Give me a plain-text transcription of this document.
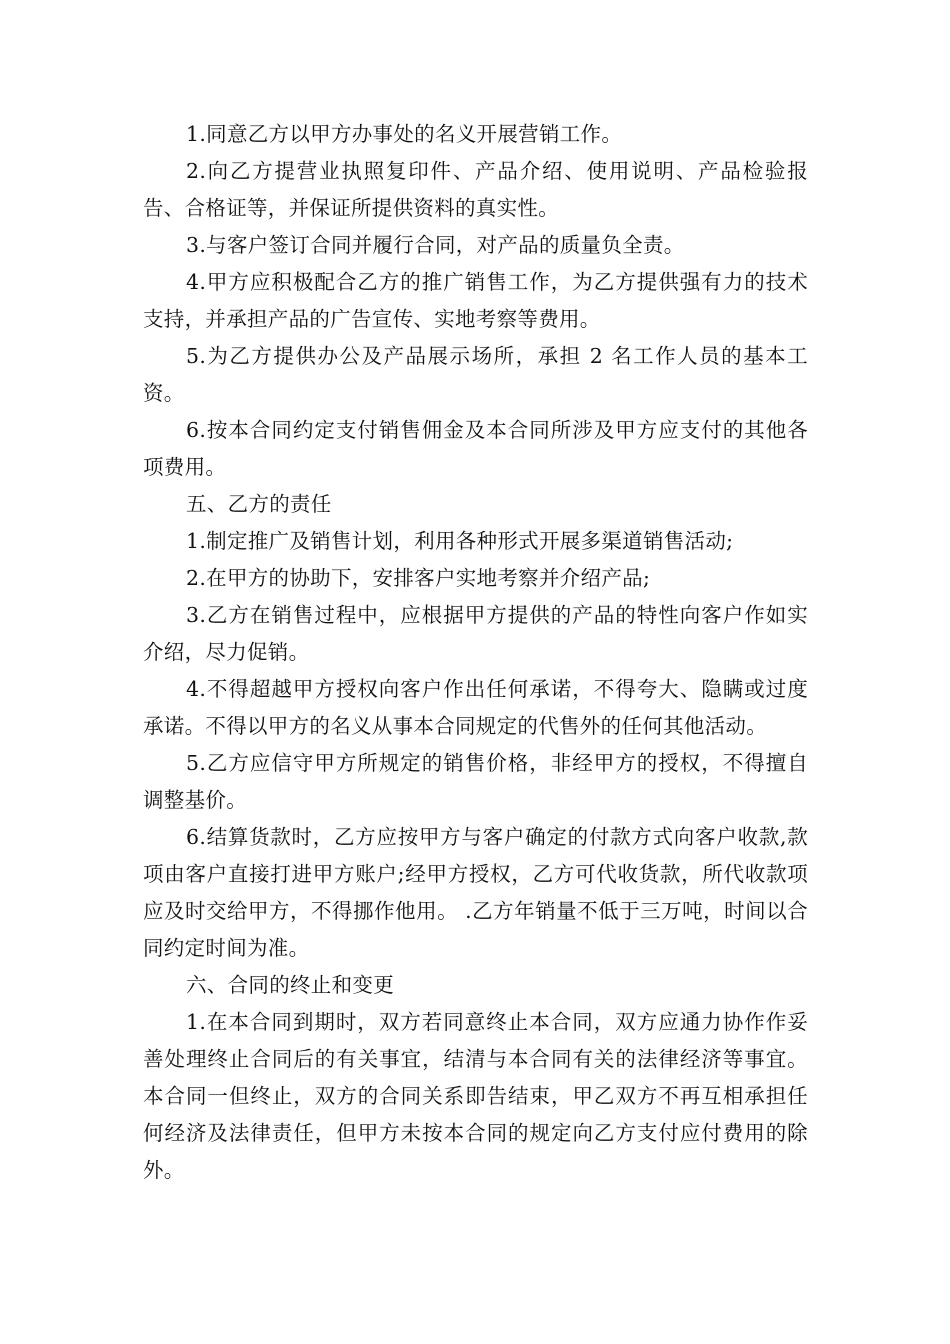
1.同意乙方以甲方办事处的名义开展营销工作。

2.向乙方提营业执照复印件、产品介绍、使用说明、产品检验报告、合格证等，并保证所提供资料的真实性。

3.与客户签订合同并履行合同，对产品的质量负全责。

4.甲方应积极配合乙方的推广销售工作，为乙方提供强有力的技术支持，并承担产品的广告宣传、实地考察等费用。

5.为乙方提供办公及产品展示场所，承担 2 名工作人员的基本工资。

6.按本合同约定支付销售佣金及本合同所涉及甲方应支付的其他各项费用。

五、乙方的责任

1.制定推广及销售计划，利用各种形式开展多渠道销售活动;

2.在甲方的协助下，安排客户实地考察并介绍产品;

3.乙方在销售过程中，应根据甲方提供的产品的特性向客户作如实介绍，尽力促销。

4.不得超越甲方授权向客户作出任何承诺，不得夸大、隐瞒或过度承诺。不得以甲方的名义从事本合同规定的代售外的任何其他活动。

5.乙方应信守甲方所规定的销售价格，非经甲方的授权，不得擅自调整基价。

6.结算货款时，乙方应按甲方与客户确定的付款方式向客户收款,款项由客户直接打进甲方账户;经甲方授权，乙方可代收货款，所代收款项应及时交给甲方，不得挪作他用。 .乙方年销量不低于三万吨，时间以合同约定时间为准。

六、合同的终止和变更

1.在本合同到期时，双方若同意终止本合同，双方应通力协作作妥善处理终止合同后的有关事宜，结清与本合同有关的法律经济等事宜。本合同一但终止，双方的合同关系即告结束，甲乙双方不再互相承担任何经济及法律责任，但甲方未按本合同的规定向乙方支付应付费用的除外。
